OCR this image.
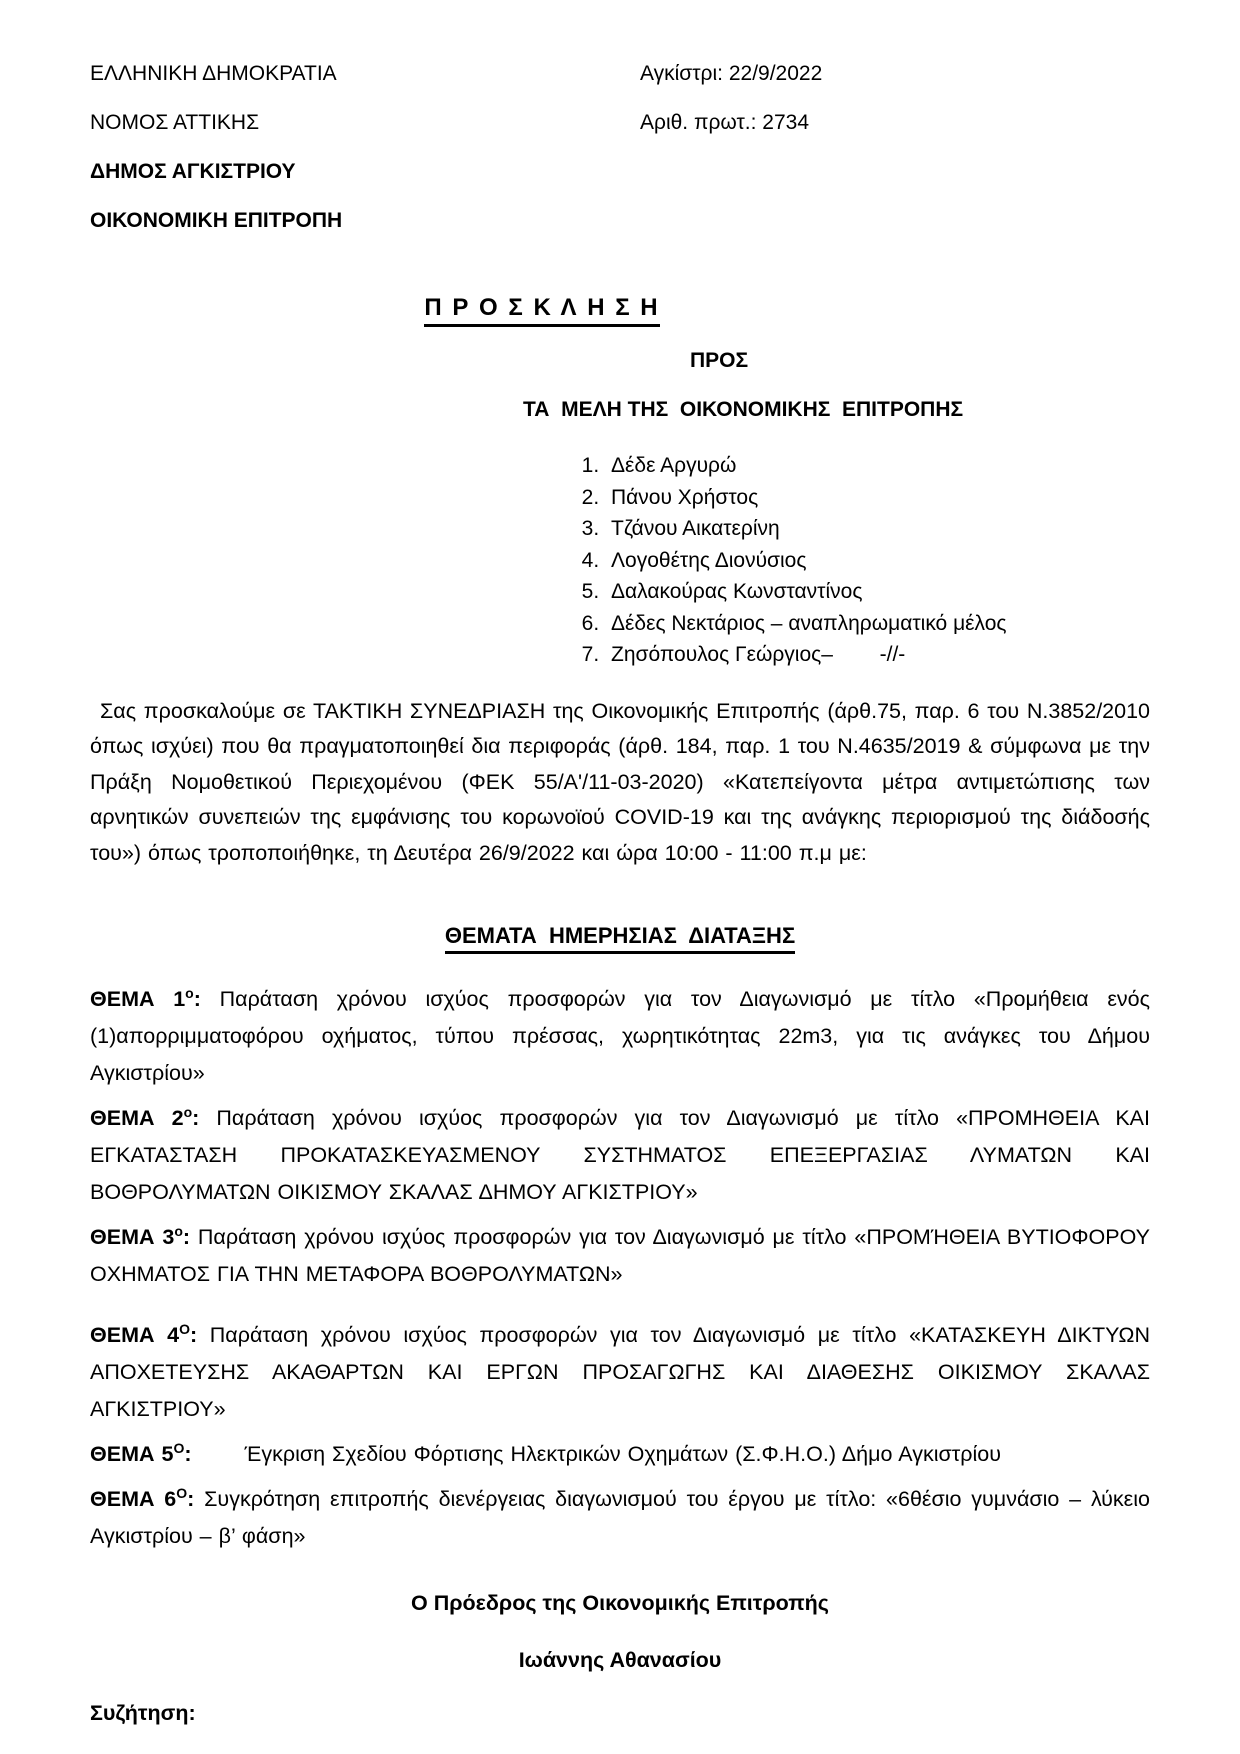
ΕΛΛΗΝΙΚΗ ΔΗΜΟΚΡΑΤΙΑ

ΝΟΜΟΣ ΑΤΤΙΚΗΣ

ΔΗΜΟΣ ΑΓΚΙΣΤΡΙΟΥ

ΟΙΚΟΝΟΜΙΚΗ ΕΠΙΤΡΟΠΗ

Αγκίστρι: 22/9/2022

Αριθ. πρωτ.: 2734

Π Ρ Ο Σ Κ Λ Η Σ Η

ΠΡΟΣ

ΤΑ  ΜΕΛΗ ΤΗΣ  ΟΙΚΟΝΟΜΙΚΗΣ  ΕΠΙΤΡΟΠΗΣ

1. Δέδε Αργυρώ
2. Πάνου Χρήστος
3. Τζάνου Αικατερίνη
4. Λογοθέτης Διονύσιος
5. Δαλακούρας Κωνσταντίνος
6. Δέδες Νεκτάριος – αναπληρωματικό μέλος
7. Ζησόπουλος Γεώργιος–        -//-

Σας προσκαλούμε σε ΤΑΚΤΙΚΗ ΣΥΝΕΔΡΙΑΣΗ της Οικονομικής Επιτροπής (άρθ.75, παρ. 6 του Ν.3852/2010 όπως ισχύει) που θα πραγματοποιηθεί δια περιφοράς (άρθ. 184, παρ. 1 του Ν.4635/2019 & σύμφωνα με την Πράξη Νομοθετικού Περιεχομένου (ΦΕΚ 55/Α'/11-03-2020) «Κατεπείγοντα μέτρα αντιμετώπισης των αρνητικών συνεπειών της εμφάνισης του κορωνοϊού COVID-19 και της ανάγκης περιορισμού της διάδοσής του») όπως τροποποιήθηκε, τη Δευτέρα 26/9/2022 και ώρα 10:00 - 11:00 π.μ με:

ΘΕΜΑΤΑ  ΗΜΕΡΗΣΙΑΣ  ΔΙΑΤΑΞΗΣ

ΘΕΜΑ $1^o$: Παράταση χρόνου ισχύος προσφορών για τον Διαγωνισμό με τίτλο «Προμήθεια ενός (1)απορριμματοφόρου οχήματος, τύπου πρέσσας, χωρητικότητας 22m3, για τις ανάγκες του Δήμου Αγκιστρίου»

ΘΕΜΑ $2^o$: Παράταση χρόνου ισχύος προσφορών για τον Διαγωνισμό με τίτλο «ΠΡΟΜΗΘΕΙΑ ΚΑΙ ΕΓΚΑΤΑΣΤΑΣΗ ΠΡΟΚΑΤΑΣΚΕΥΑΣΜΕΝΟΥ ΣΥΣΤΗΜΑΤΟΣ ΕΠΕΞΕΡΓΑΣΙΑΣ ΛΥΜΑΤΩΝ ΚΑΙ ΒΟΘΡΟΛΥΜΑΤΩΝ ΟΙΚΙΣΜΟΥ ΣΚΑΛΑΣ ΔΗΜΟΥ ΑΓΚΙΣΤΡΙΟΥ»

ΘΕΜΑ $3^o$: Παράταση χρόνου ισχύος προσφορών για τον Διαγωνισμό με τίτλο «ΠΡΟΜΉΘΕΙΑ ΒΥΤΙΟΦΟΡΟΥ ΟΧΗΜΑΤΟΣ ΓΙΑ ΤΗΝ ΜΕΤΑΦΟΡΑ ΒΟΘΡΟΛΥΜΑΤΩΝ»

ΘΕΜΑ $4^O$: Παράταση χρόνου ισχύος προσφορών για τον Διαγωνισμό με τίτλο «ΚΑΤΑΣΚΕΥΗ ΔΙΚΤΥΩΝ ΑΠΟΧΕΤΕΥΣΗΣ ΑΚΑΘΑΡΤΩΝ ΚΑΙ ΕΡΓΩΝ ΠΡΟΣΑΓΩΓΗΣ ΚΑΙ ΔΙΑΘΕΣΗΣ ΟΙΚΙΣΜΟΥ ΣΚΑΛΑΣ ΑΓΚΙΣΤΡΙΟΥ»

ΘΕΜΑ $5^O$: Έγκριση Σχεδίου Φόρτισης Ηλεκτρικών Οχημάτων (Σ.Φ.Η.Ο.) Δήμο Αγκιστρίου

ΘΕΜΑ $6^O$: Συγκρότηση επιτροπής διενέργειας διαγωνισμού του έργου με τίτλο: «6θέσιο γυμνάσιο – λύκειο Αγκιστρίου – β’ φάση»

Ο Πρόεδρος της Οικονομικής Επιτροπής

Ιωάννης Αθανασίου

Συζήτηση:
